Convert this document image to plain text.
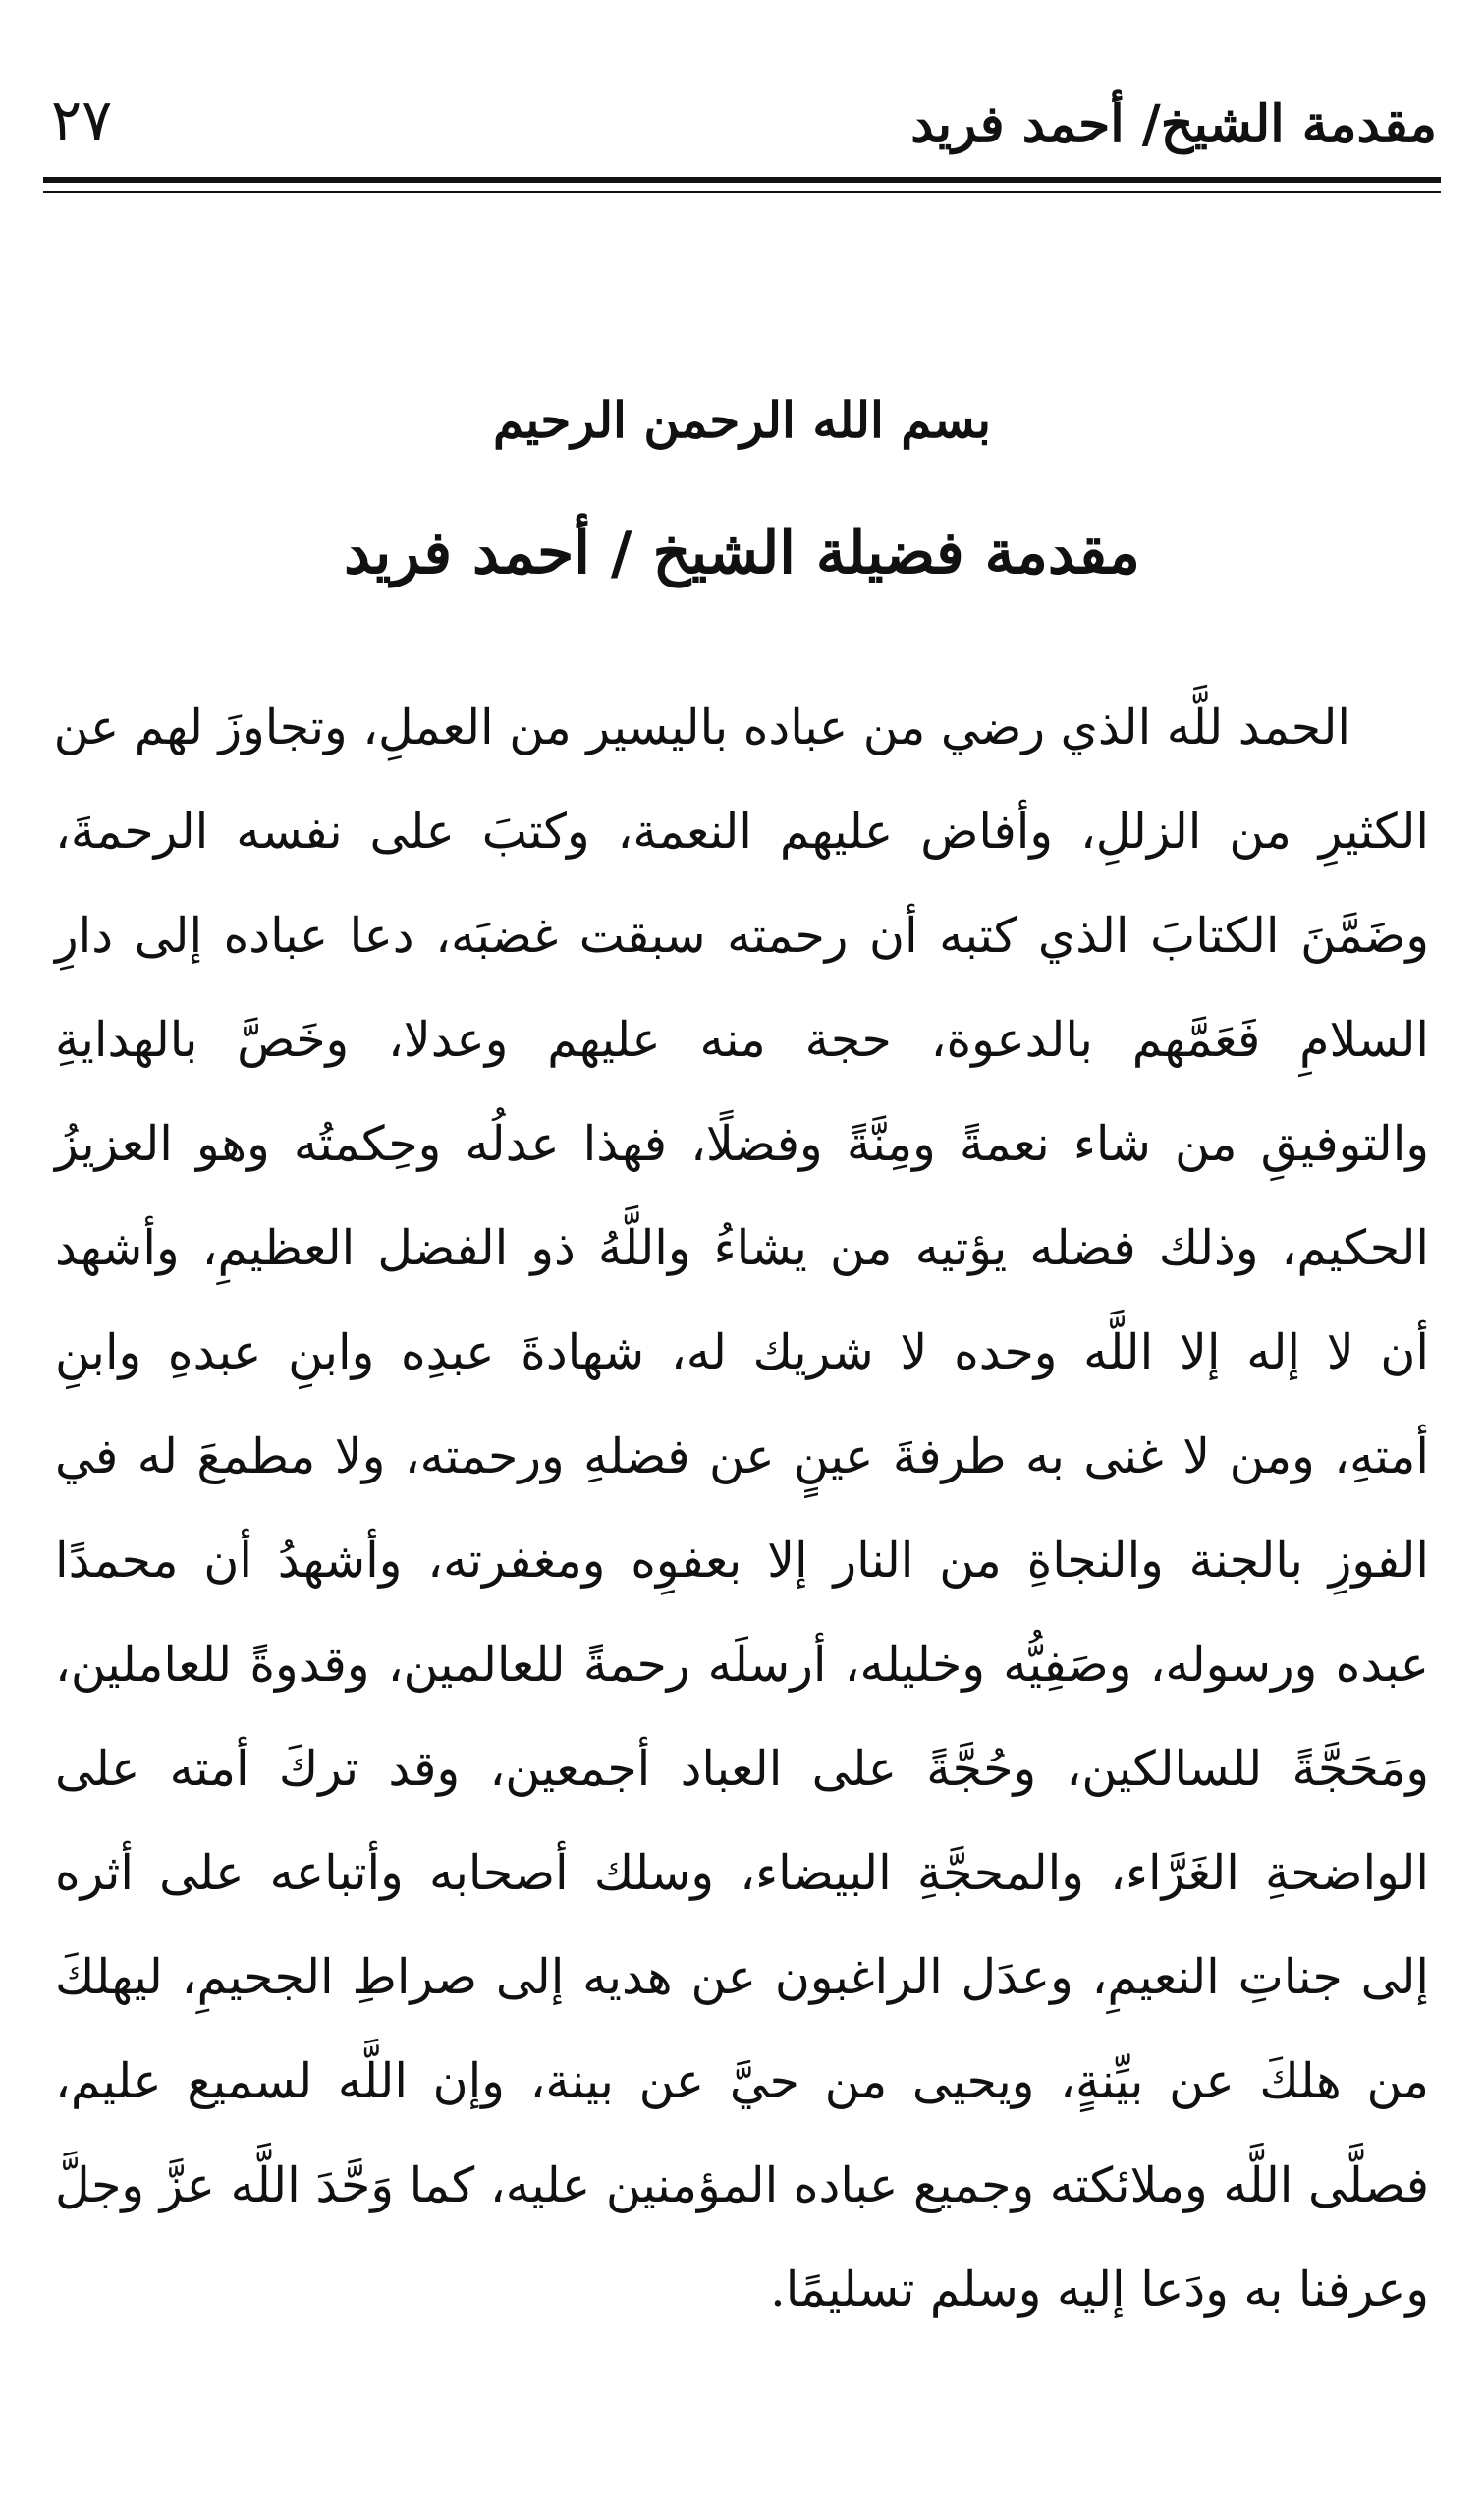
٢٧	مقدمة الشيخ/ أحمد فريد
بسم الله الرحمن الرحيم
مقدمة فضيلة الشيخ / أحمد فريد
الحمد للَّه الذي رضي من عباده باليسير من العملِ، وتجاوزَ لهم عن
الكثيرِ من الزللِ، وأفاض عليهم النعمة، وكتبَ على نفسه الرحمةَ،
وضَمَّنَ الكتابَ الذي كتبه أن رحمته سبقت غضبَه، دعا عباده إلى دارِ
السلامِ فَعَمَّهم بالدعوة، حجة منه عليهم وعدلا، وخَصَّ بالهدايةِ
والتوفيقِ من شاء نعمةً ومِنَّةً وفضلًا، فهذا عدلُه وحِكمتُه وهو العزيزُ
الحكيم، وذلك فضله يؤتيه من يشاءُ واللَّهُ ذو الفضل العظيمِ، وأشهد
أن لا إله إلا اللَّه وحده لا شريك له، شهادةَ عبدِه وابنِ عبدهِ وابنِ
أمتهِ، ومن لا غنى به طرفةَ عينٍ عن فضلهِ ورحمته، ولا مطمعَ له في
الفوزِ بالجنة والنجاةِ من النار إلا بعفوِه ومغفرته، وأشهدُ أن محمدًا
عبده ورسوله، وصَفِيُّه وخليله، أرسلَه رحمةً للعالمين، وقدوةً للعاملين،
ومَحَجَّةً للسالكين، وحُجَّةً على العباد أجمعين، وقد تركَ أمته على
الواضحةِ الغَرَّاء، والمحجَّةِ البيضاء، وسلك أصحابه وأتباعه على أثره
إلى جناتِ النعيمِ، وعدَل الراغبون عن هديه إلى صراطِ الجحيمِ، ليهلكَ
من هلكَ عن بيِّنةٍ، ويحيى من حيَّ عن بينة، وإن اللَّه لسميع عليم،
فصلَّى اللَّه وملائكته وجميع عباده المؤمنين عليه، كما وَحَّدَ اللَّه عزَّ وجلَّ
وعرفنا به ودَعا إليه وسلم تسليمًا.
